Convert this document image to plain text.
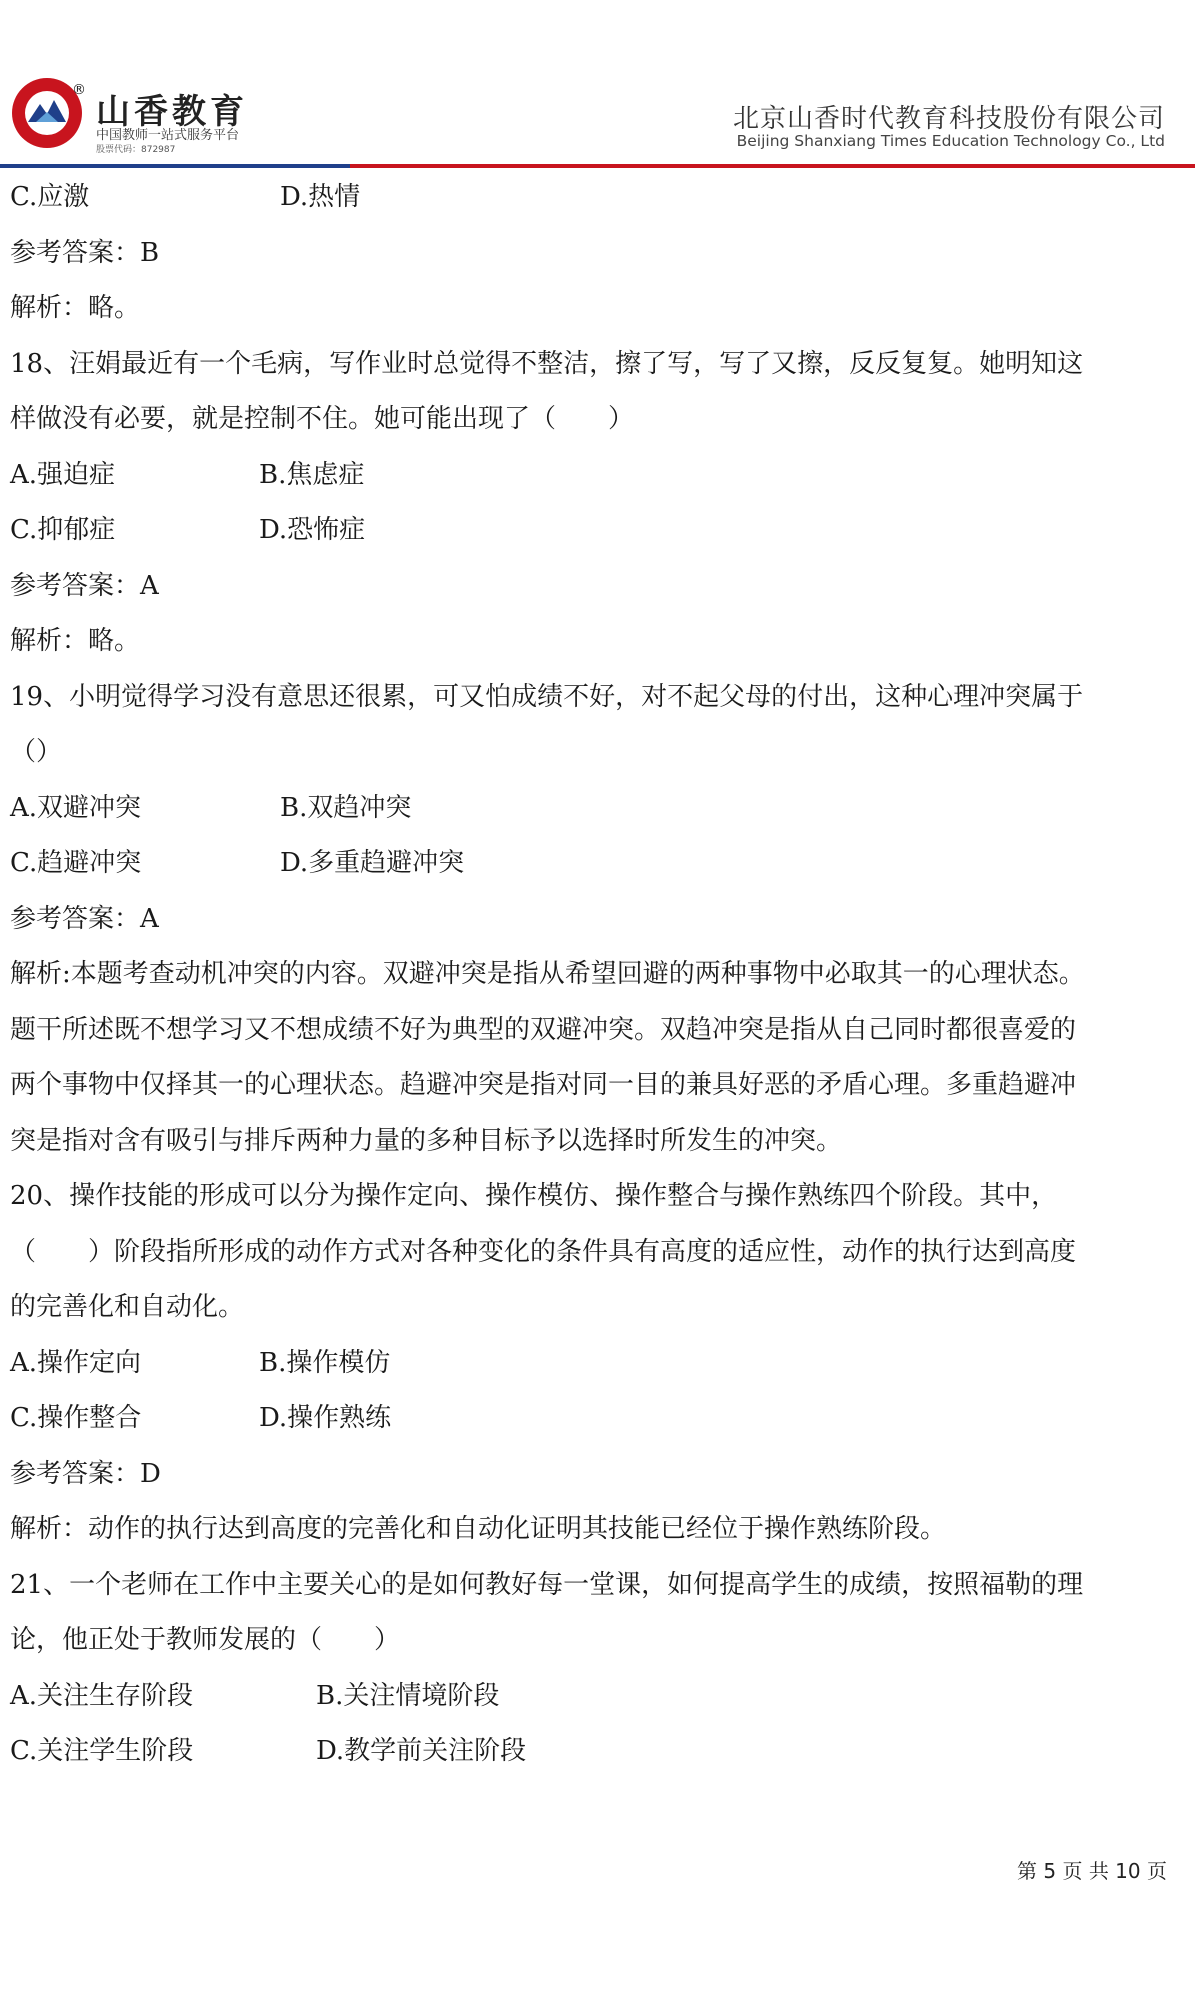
®
山香教育
中国教师一站式服务平台
股票代码：872987
北京山香时代教育科技股份有限公司
Beijing Shanxiang Times Education Technology Co., Ltd
C.应激	D.热情
参考答案：B
解析：略。
18、汪娟最近有一个毛病，写作业时总觉得不整洁，擦了写，写了又擦，反反复复。她明知这
样做没有必要，就是控制不住。她可能出现了（　　）
A.强迫症	B.焦虑症
C.抑郁症	D.恐怖症
参考答案：A
解析：略。
19、小明觉得学习没有意思还很累，可又怕成绩不好，对不起父母的付出，这种心理冲突属于
（）
A.双避冲突	B.双趋冲突
C.趋避冲突	D.多重趋避冲突
参考答案：A
解析:本题考查动机冲突的内容。双避冲突是指从希望回避的两种事物中必取其一的心理状态。
题干所述既不想学习又不想成绩不好为典型的双避冲突。双趋冲突是指从自己同时都很喜爱的
两个事物中仅择其一的心理状态。趋避冲突是指对同一目的兼具好恶的矛盾心理。多重趋避冲
突是指对含有吸引与排斥两种力量的多种目标予以选择时所发生的冲突。
20、操作技能的形成可以分为操作定向、操作模仿、操作整合与操作熟练四个阶段。其中，
（　　）阶段指所形成的动作方式对各种变化的条件具有高度的适应性，动作的执行达到高度
的完善化和自动化。
A.操作定向	B.操作模仿
C.操作整合	D.操作熟练
参考答案：D
解析：动作的执行达到高度的完善化和自动化证明其技能已经位于操作熟练阶段。
21、一个老师在工作中主要关心的是如何教好每一堂课，如何提高学生的成绩，按照福勒的理
论，他正处于教师发展的（　　）
A.关注生存阶段	B.关注情境阶段
C.关注学生阶段	D.教学前关注阶段
第 5 页 共 10 页
